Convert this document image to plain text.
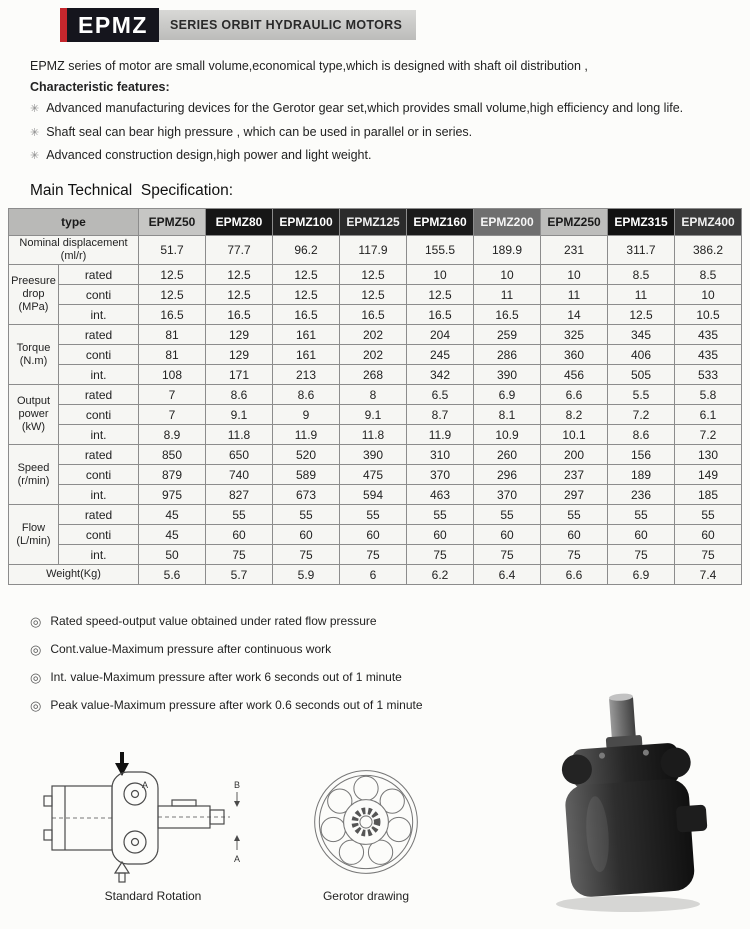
EPMZ SERIES ORBIT HYDRAULIC MOTORS

EPMZ series of motor are small volume,economical type,which is designed with shaft oil distribution ,

Characteristic features:

✳ Advanced manufacturing devices for the Gerotor gear set,which provides small volume,high efficiency and long life.
✳ Shaft seal can bear high pressure , which can be used in parallel or in series.
✳ Advanced construction design,high power and light weight.
Main Technical  Specification:
type		EPMZ50	EPMZ80	EPMZ100	EPMZ125	EPMZ160	EPMZ200	EPMZ250	EPMZ315	EPMZ400
Nominal displacement
(ml/r)		51.7	77.7	96.2	117.9	155.5	189.9	231	311.7	386.2
Preesure
drop
(MPa)	rated	12.5	12.5	12.5	12.5	10	10	10	8.5	8.5
	conti	12.5	12.5	12.5	12.5	12.5	11	11	11	10
	int.	16.5	16.5	16.5	16.5	16.5	16.5	14	12.5	10.5
Torque
(N.m)	rated	81	129	161	202	204	259	325	345	435
	conti	81	129	161	202	245	286	360	406	435
	int.	108	171	213	268	342	390	456	505	533
Output
power
(kW)	rated	7	8.6	8.6	8	6.5	6.9	6.6	5.5	5.8
	conti	7	9.1	9	9.1	8.7	8.1	8.2	7.2	6.1
	int.	8.9	11.8	11.9	11.8	11.9	10.9	10.1	8.6	7.2
Speed
(r/min)	rated	850	650	520	390	310	260	200	156	130
	conti	879	740	589	475	370	296	237	189	149
	int.	975	827	673	594	463	370	297	236	185
Flow
(L/min)	rated	45	55	55	55	55	55	55	55	55
	conti	45	60	60	60	60	60	60	60	60
	int.	50	75	75	75	75	75	75	75	75
Weight(Kg)		5.6	5.7	5.9	6	6.2	6.4	6.6	6.9	7.4
◎ Rated speed-output value obtained under rated flow pressure
◎ Cont.value-Maximum pressure after continuous work
◎ Int. value-Maximum pressure after work 6 seconds out of 1 minute
◎ Peak value-Maximum pressure after work 0.6 seconds out of 1 minute
A	B
A
Standard Rotation	Gerotor drawing
